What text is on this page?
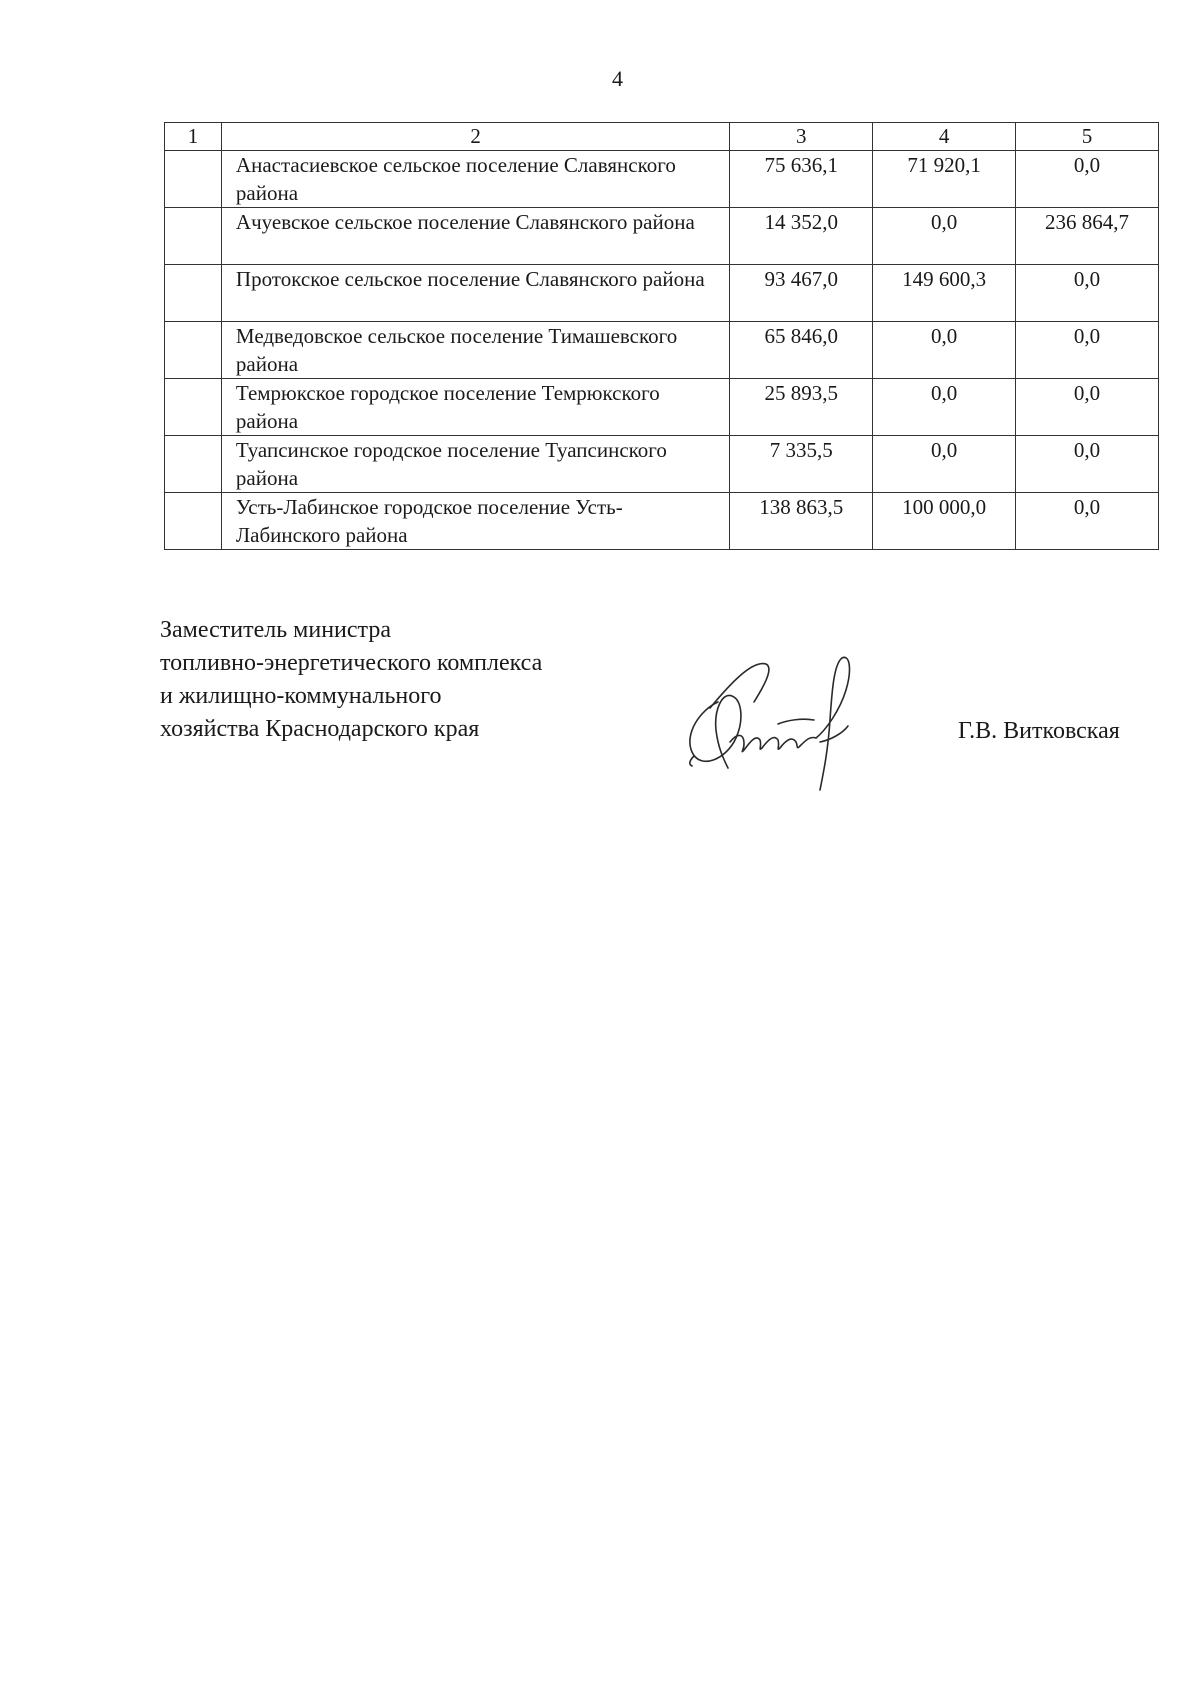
4
1	2	3	4	5
	Анастасиевское сельское поселение Славянского района	75 636,1	71 920,1	0,0
	Ачуевское сельское поселение Славянского района	14 352,0	0,0	236 864,7
	Протокское сельское поселение Славянского района	93 467,0	149 600,3	0,0
	Медведовское сельское поселение Тимашевского района	65 846,0	0,0	0,0
	Темрюкское городское поселение Темрюкского района	25 893,5	0,0	0,0
	Туапсинское городское поселение Туапсинского района	7 335,5	0,0	0,0
	Усть-Лабинское городское поселение Усть-Лабинского района	138 863,5	100 000,0	0,0
Заместитель министра
топливно-энергетического комплекса
и жилищно-коммунального
хозяйства Краснодарского края	Г.В. Витковская
